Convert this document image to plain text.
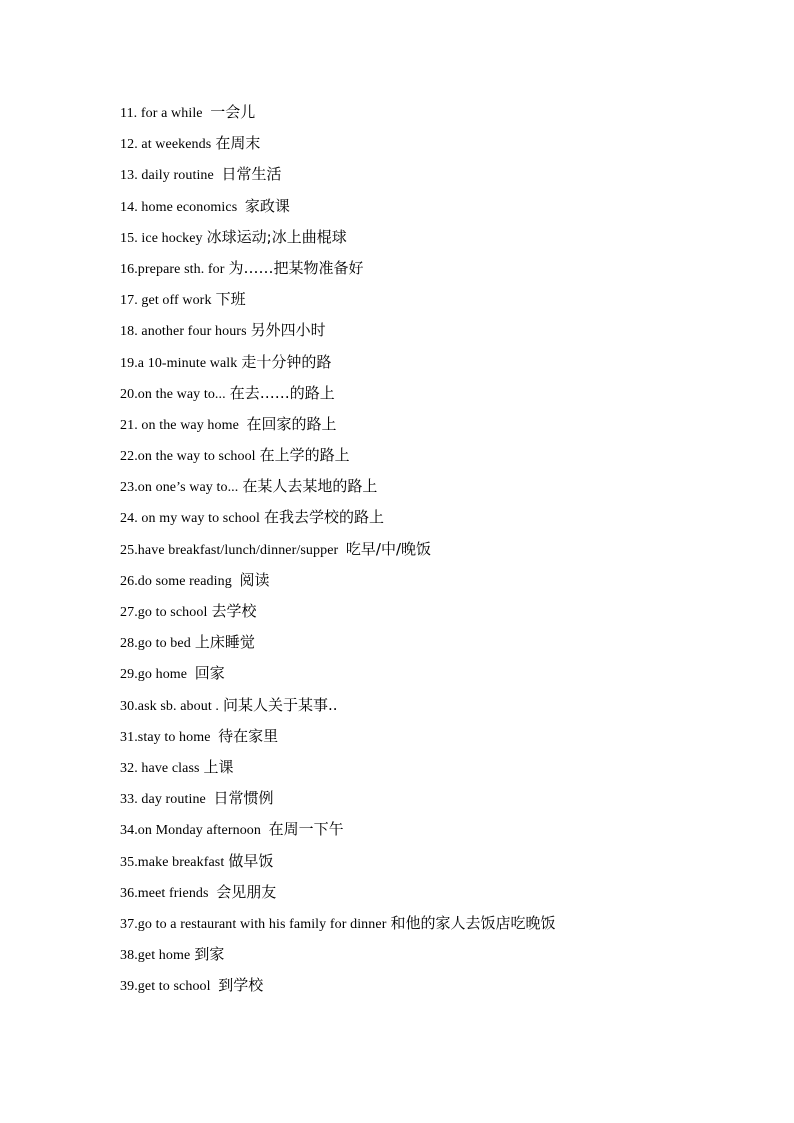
11. for a while 一会儿
12. at weekends 在周末
13. daily routine 日常生活
14. home economics 家政课
15. ice hockey 冰球运动;冰上曲棍球
16.prepare sth. for 为……把某物准备好
17. get off work 下班
18. another four hours 另外四小时
19.a 10-minute walk 走十分钟的路
20.on the way to... 在去……的路上
21. on the way home 在回家的路上
22.on the way to school 在上学的路上
23.on one’s way to... 在某人去某地的路上
24. on my way to school 在我去学校的路上
25.have breakfast/lunch/dinner/supper 吃早/中/晚饭
26.do some reading 阅读
27.go to school 去学校
28.go to bed 上床睡觉
29.go home 回家
30.ask sb. about . 问某人关于某事..
31.stay to home 待在家里
32. have class 上课
33. day routine 日常惯例
34.on Monday afternoon 在周一下午
35.make breakfast 做早饭
36.meet friends 会见朋友
37.go to a restaurant with his family for dinner 和他的家人去饭店吃晚饭
38.get home 到家
39.get to school 到学校
